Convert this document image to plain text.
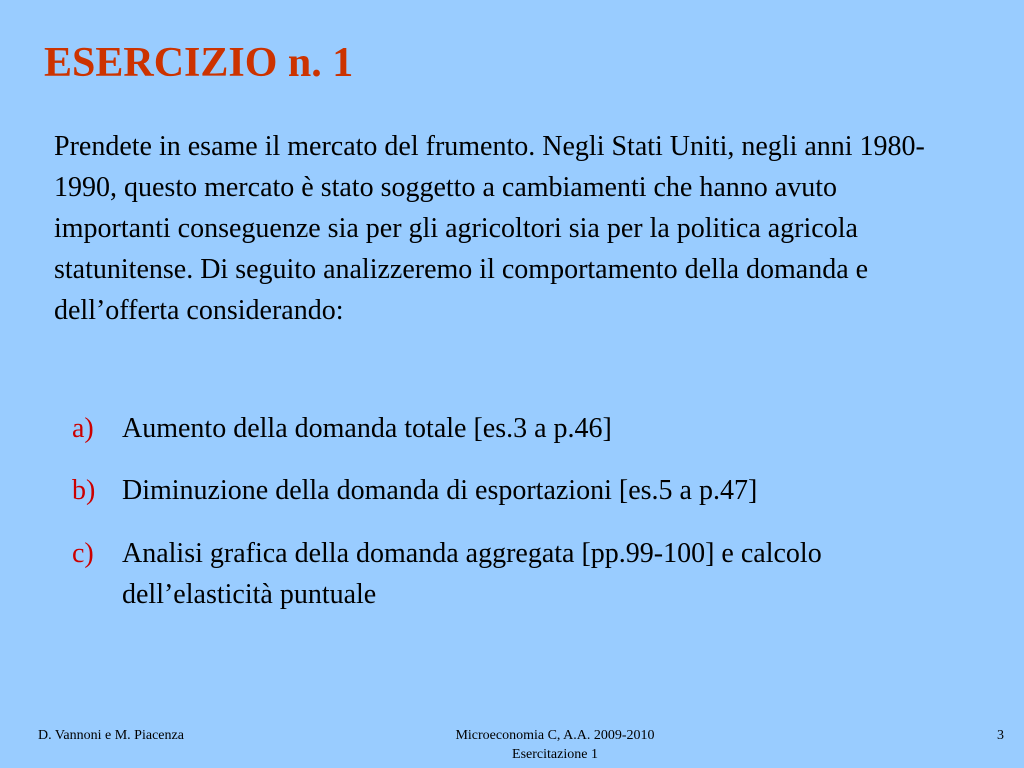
ESERCIZIO n. 1
Prendete in esame il mercato del frumento. Negli Stati Uniti, negli anni 1980-1990, questo mercato è stato soggetto a cambiamenti che hanno avuto importanti conseguenze sia per gli agricoltori sia per la politica agricola statunitense. Di seguito analizzeremo il comportamento della domanda e dell’offerta considerando:
a)	Aumento della domanda totale [es.3 a p.46]
b) Diminuzione della domanda di esportazioni [es.5 a p.47]
c)	Analisi grafica della domanda aggregata [pp.99-100] e calcolo dell’elasticità puntuale
D. Vannoni e M. Piacenza	Microeconomia C, A.A. 2009-2010
Esercitazione 1
3
